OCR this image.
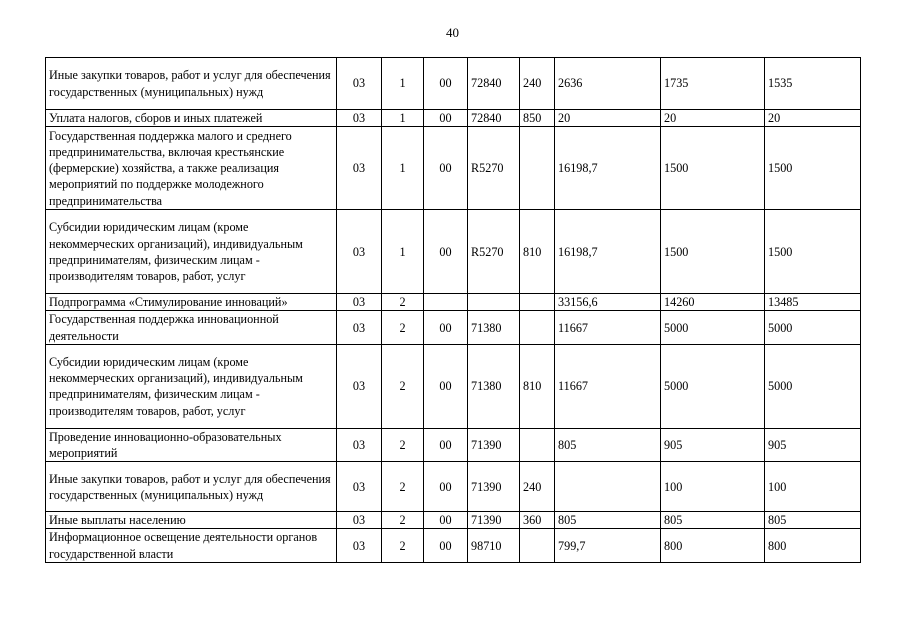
40
Иные закупки товаров, работ и услуг для обеспечения государственных (муниципальных) нужд	03	1	00	72840	240	2636	1735	1535
Уплата налогов, сборов и иных платежей	03	1	00	72840	850	20	20	20
Государственная поддержка малого и среднего предпринимательства, включая крестьянские (фермерские) хозяйства, а также реализация мероприятий по поддержке молодежного предпринимательства	03	1	00	R5270		16198,7	1500	1500
Субсидии юридическим лицам (кроме некоммерческих организаций), индивидуальным предпринимателям, физическим лицам - производителям товаров, работ, услуг	03	1	00	R5270	810	16198,7	1500	1500
Подпрограмма «Стимулирование инноваций»	03	2				33156,6	14260	13485
Государственная поддержка инновационной деятельности	03	2	00	71380		11667	5000	5000
Субсидии юридическим лицам (кроме некоммерческих организаций), индивидуальным предпринимателям, физическим лицам - производителям товаров, работ, услуг	03	2	00	71380	810	11667	5000	5000
Проведение инновационно-образовательных мероприятий	03	2	00	71390		805	905	905
Иные закупки товаров, работ и услуг для обеспечения государственных (муниципальных) нужд	03	2	00	71390	240		100	100
Иные выплаты населению	03	2	00	71390	360	805	805	805
Информационное освещение деятельности органов государственной власти	03	2	00	98710		799,7	800	800
